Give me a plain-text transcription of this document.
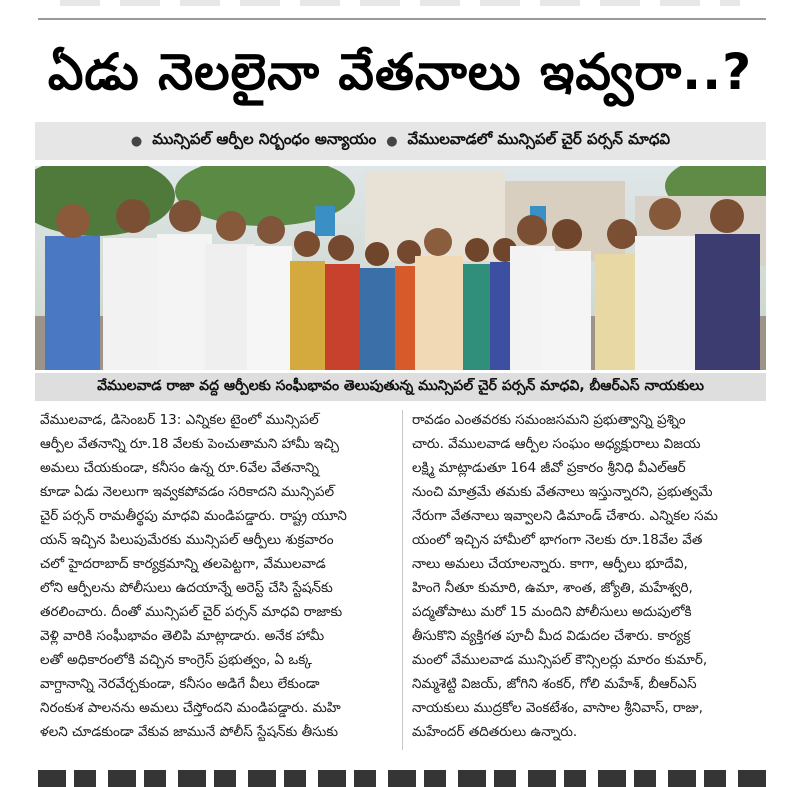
ఏడు నెలలైనా వేతనాలు ఇవ్వరా..?
● మున్సిపల్ ఆర్పీల నిర్బంధం అన్యాయం ● వేములవాడలో మున్సిపల్ చైర్ పర్సన్ మాధవి
వేములవాడ రాజా వద్ద ఆర్పీలకు సంఘీభావం తెలుపుతున్న మున్సిపల్ చైర్ పర్సన్ మాధవి, బీఆర్ఎస్ నాయకులు
వేములవాడ, డిసెంబర్ 13: ఎన్నికల టైంలో మున్సిపల్
ఆర్పీల వేతనాన్ని రూ.18 వేలకు పెంచుతామని హామీ ఇచ్చి
అమలు చేయకుండా, కనీసం ఉన్న రూ.6వేల వేతనాన్ని
కూడా ఏడు నెలలుగా ఇవ్వకపోవడం సరికాదని మున్సిపల్
చైర్ పర్సన్ రామతీర్థపు మాధవి మండిపడ్డారు. రాష్ట్ర యూని
యన్ ఇచ్చిన పిలుపుమేరకు మున్సిపల్ ఆర్పీలు శుక్రవారం
చలో హైదరాబాద్ కార్యక్రమాన్ని తలపెట్టగా, వేములవాడ
లోని ఆర్పీలను పోలీసులు ఉదయాన్నే అరెస్ట్ చేసి స్టేషన్‌కు
తరలించారు. దీంతో మున్సిపల్ చైర్ పర్సన్ మాధవి రాజాకు
వెళ్లి వారికి సంఘీభావం తెలిపి మాట్లాడారు. అనేక హామీ
లతో అధికారంలోకి వచ్చిన కాంగ్రెస్ ప్రభుత్వం, ఏ ఒక్క
వాగ్దానాన్ని నెరవేర్చకుండా, కనీసం అడిగే వీలు లేకుండా
నిరంకుశ పాలనను అమలు చేస్తోందని మండిపడ్డారు. మహి
ళలని చూడకుండా వేకువ జామునే పోలీస్ స్టేషన్‌కు తీసుకు
రావడం ఎంతవరకు సమంజసమని ప్రభుత్వాన్ని ప్రశ్నిం
చారు. వేములవాడ ఆర్పీల సంఘం అధ్యక్షురాలు విజయ
లక్ష్మి మాట్లాడుతూ 164 జీవో ప్రకారం శ్రీనిధి వీఎల్ఆర్
నుంచి మాత్రమే తమకు వేతనాలు ఇస్తున్నారని, ప్రభుత్వమే
నేరుగా వేతనాలు ఇవ్వాలని డిమాండ్ చేశారు. ఎన్నికల సమ
యంలో ఇచ్చిన హామీలో భాగంగా నెలకు రూ.18వేల వేత
నాలు అమలు చేయాలన్నారు. కాగా, ఆర్పీలు భూదేవి,
హింగె నీతూ కుమారి, ఉమా, శాంత, జ్యోతి, మహేశ్వరి,
పద్మతోపాటు మరో 15 మందిని పోలీసులు అదుపులోకి
తీసుకొని వ్యక్తిగత పూచీ మీద విడుదల చేశారు. కార్యక్ర
మంలో వేములవాడ మున్సిపల్ కౌన్సిలర్లు మారం కుమార్,
నిమ్మశెట్టి విజయ్, జోగిని శంకర్, గోలి మహేశ్, బీఆర్ఎస్
నాయకులు ముద్రకోల వెంకటేశం, వాసాల శ్రీనివాస్, రాజు,
మహేందర్ తదితరులు ఉన్నారు.
